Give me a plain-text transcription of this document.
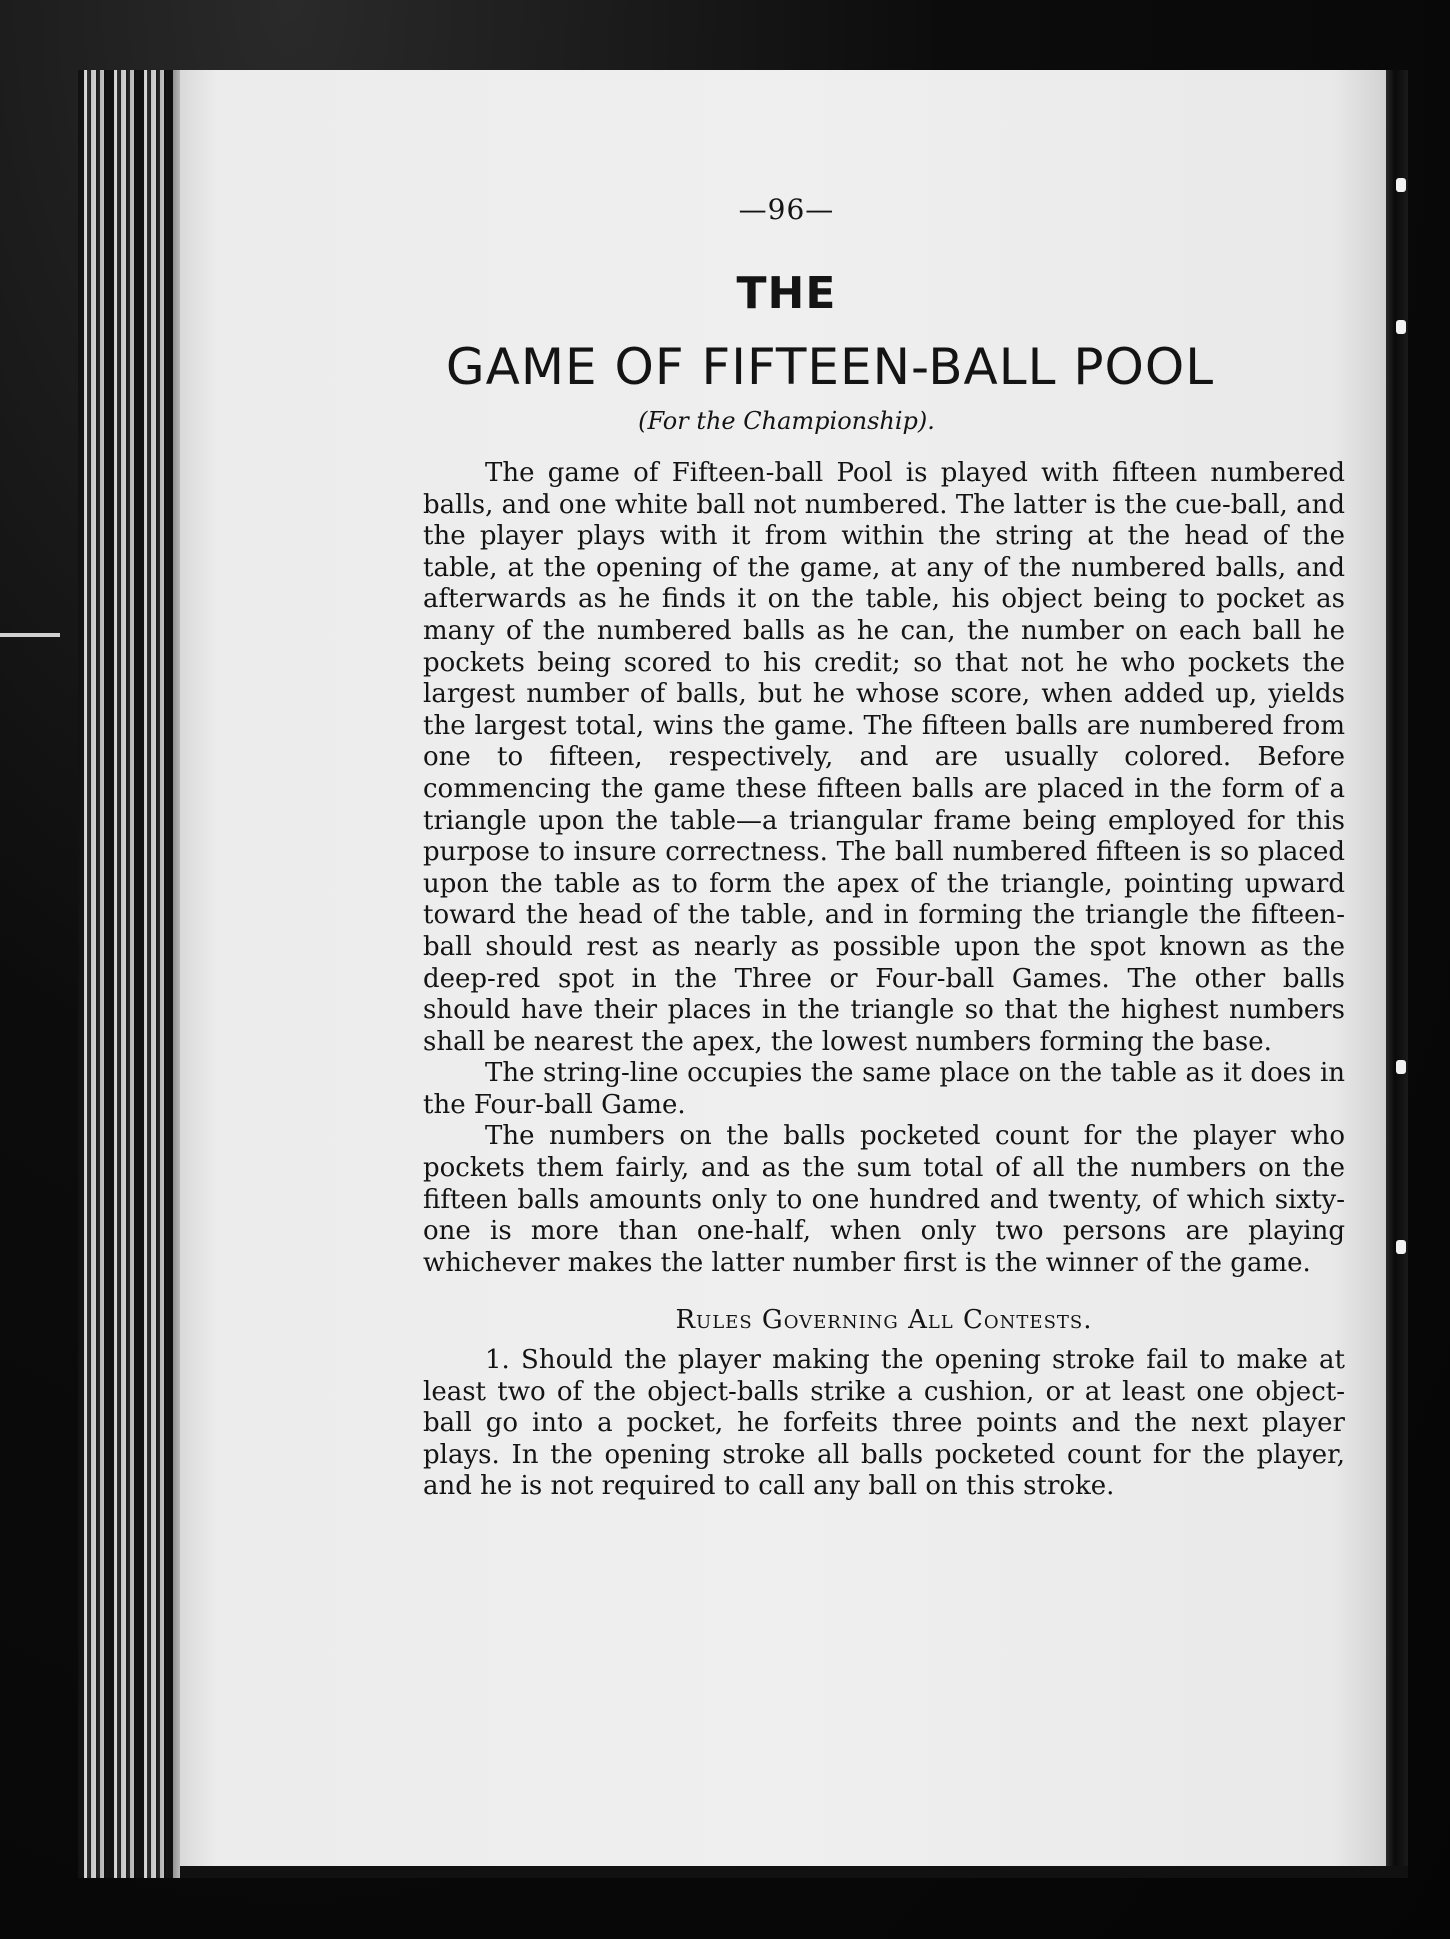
—96—
THE
GAME OF FIFTEEN-BALL POOL
(For the Championship).

The game of Fifteen-ball Pool is played with fifteen numbered balls, and one white ball not numbered. The latter is the cue-ball, and the player plays with it from within the string at the head of the table, at the opening of the game, at any of the numbered balls, and afterwards as he finds it on the table, his object being to pocket as many of the numbered balls as he can, the number on each ball he pockets being scored to his credit; so that not he who pockets the largest number of balls, but he whose score, when added up, yields the largest total, wins the game. The fifteen balls are numbered from one to fifteen, respectively, and are usually colored. Before commencing the game these fifteen balls are placed in the form of a triangle upon the table—a triangular frame being employed for this purpose to insure correctness. The ball numbered fifteen is so placed upon the table as to form the apex of the triangle, pointing upward toward the head of the table, and in forming the triangle the fifteen-ball should rest as nearly as possible upon the spot known as the deep-red spot in the Three or Four-ball Games. The other balls should have their places in the triangle so that the highest numbers shall be nearest the apex, the lowest numbers forming the base.

The string-line occupies the same place on the table as it does in the Four-ball Game.

The numbers on the balls pocketed count for the player who pockets them fairly, and as the sum total of all the numbers on the fifteen balls amounts only to one hundred and twenty, of which sixty-one is more than one-half, when only two persons are playing whichever makes the latter number first is the winner of the game.

Rules Governing All Contests.

1. Should the player making the opening stroke fail to make at least two of the object-balls strike a cushion, or at least one object-ball go into a pocket, he forfeits three points and the next player plays. In the opening stroke all balls pocketed count for the player, and he is not required to call any ball on this stroke.
